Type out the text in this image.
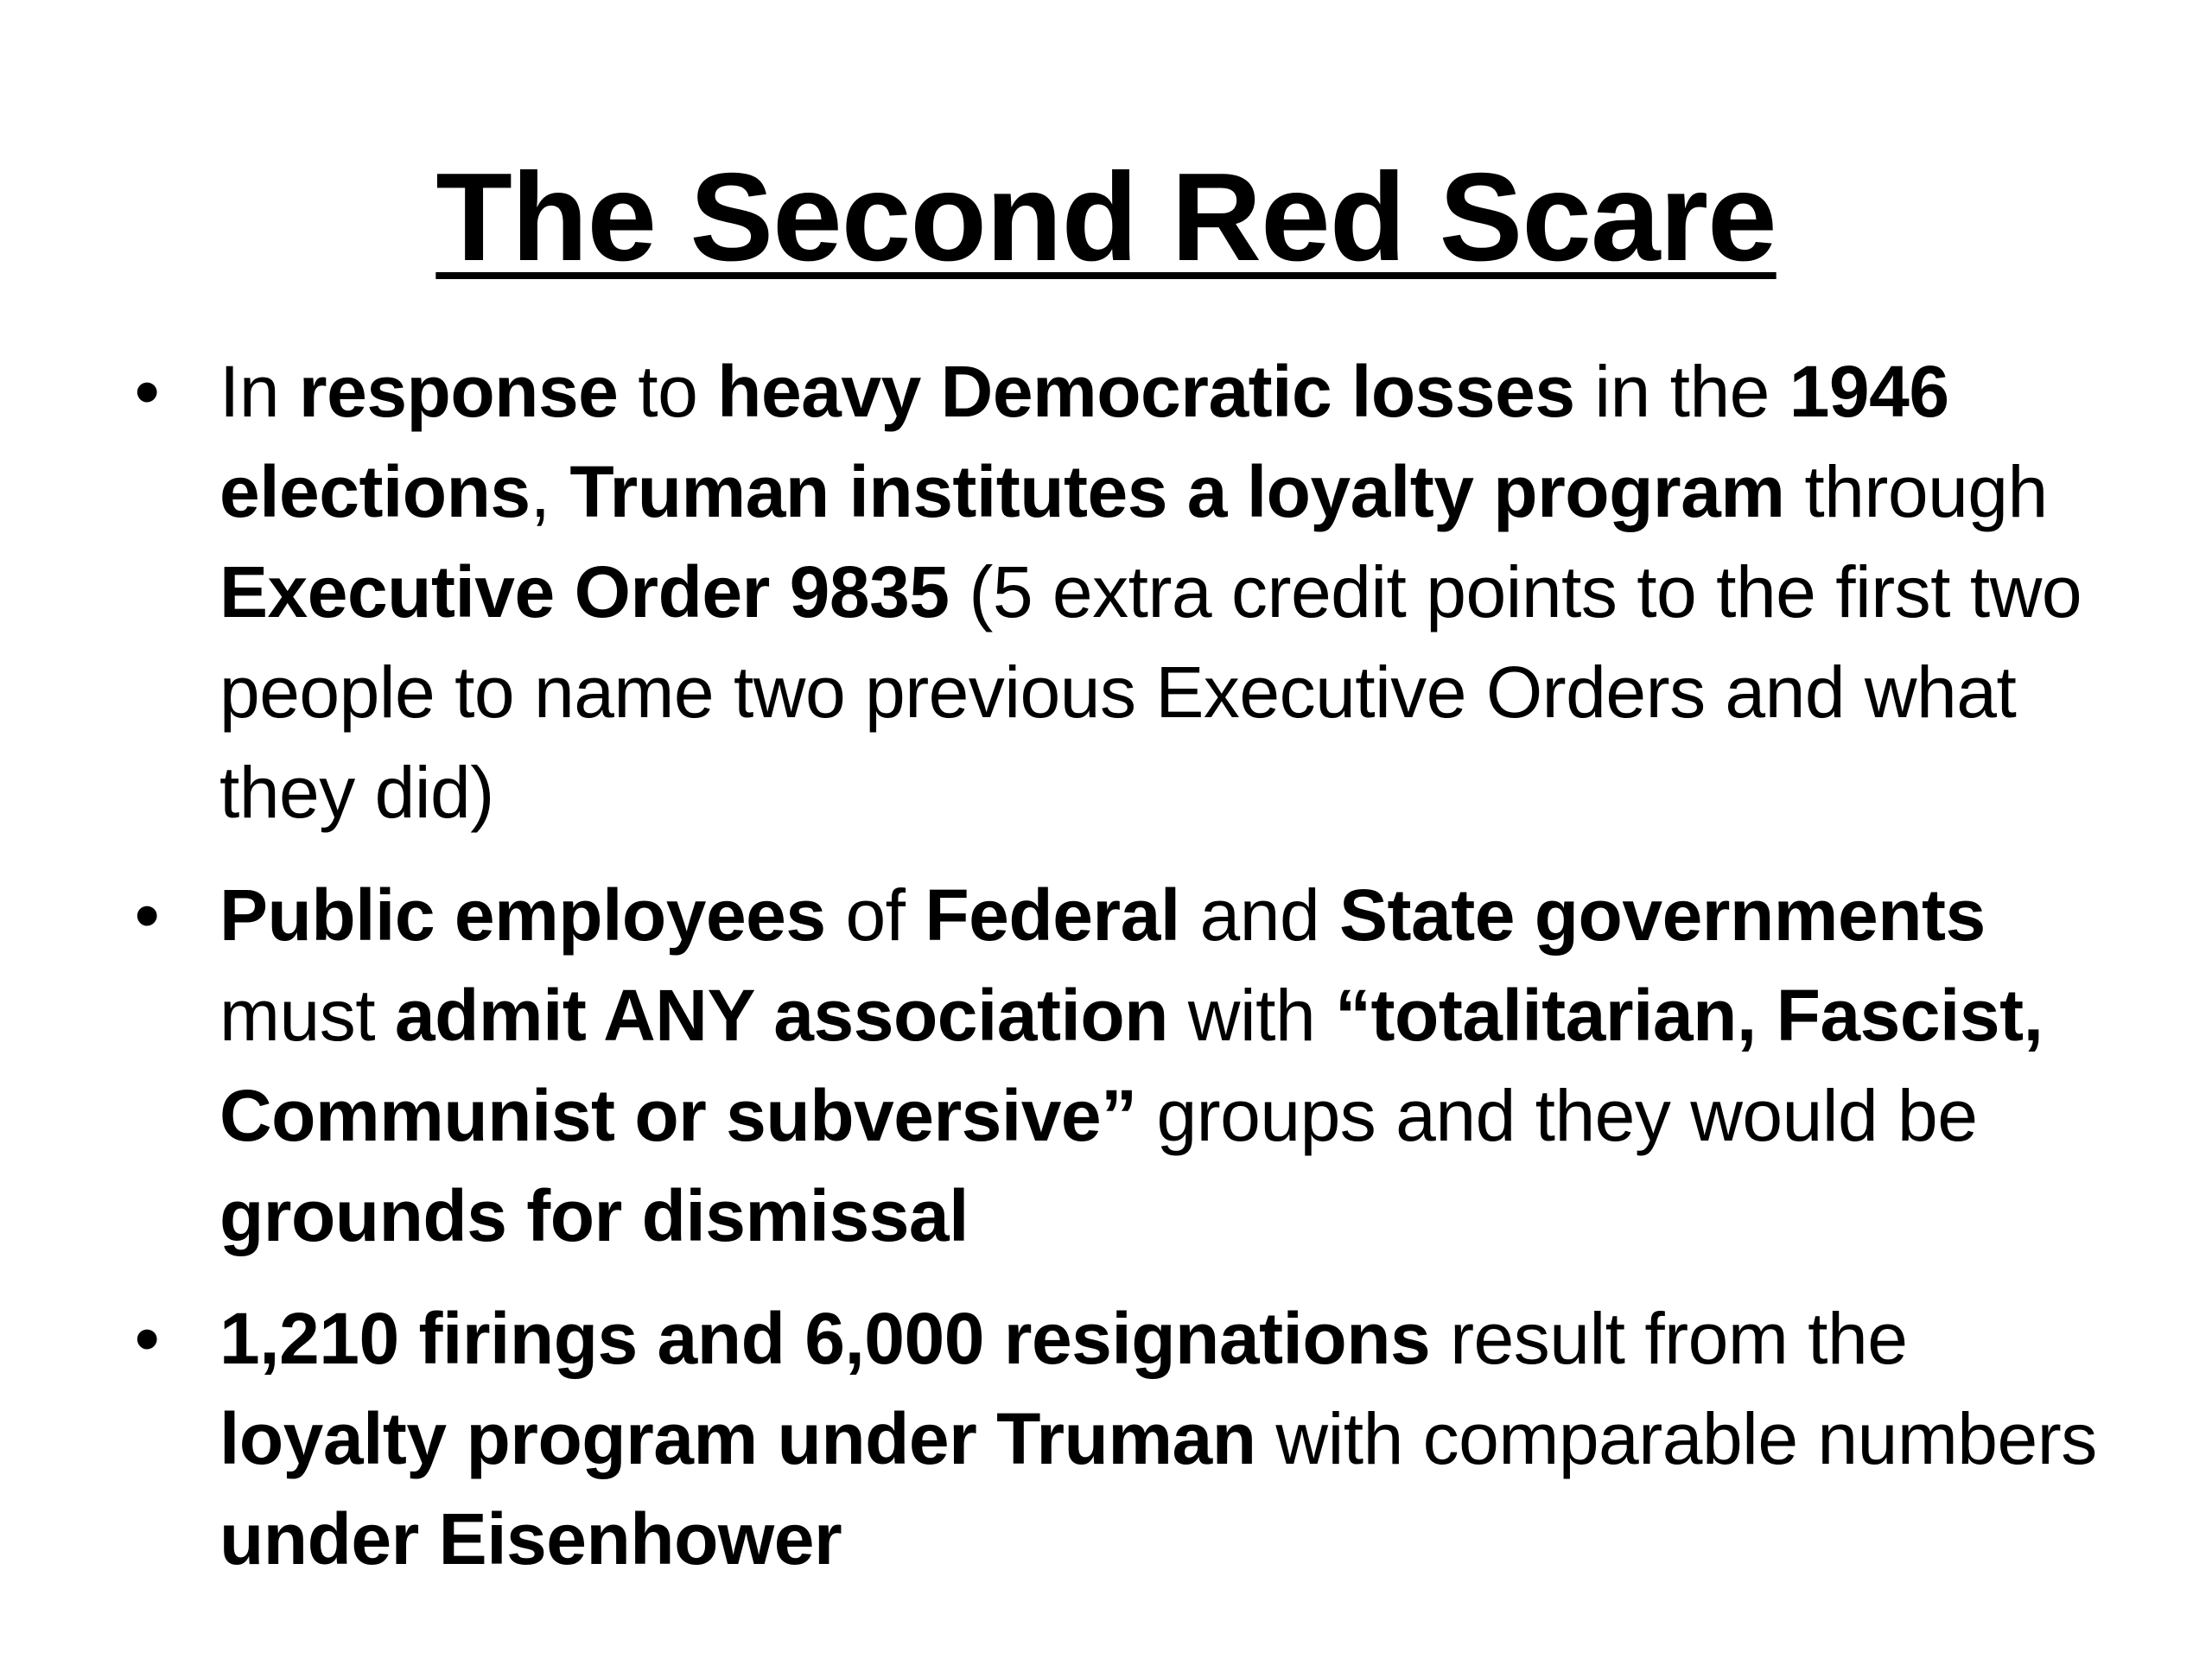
The Second Red Scare
• In response to heavy Democratic losses in the 1946 elections, Truman institutes a loyalty program through Executive Order 9835 (5 extra credit points to the first two people to name two previous Executive Orders and what they did)
• Public employees of Federal and State governments must admit ANY association with “totalitarian, Fascist, Communist or subversive” groups and they would be grounds for dismissal
• 1,210 firings and 6,000 resignations result from the loyalty program under Truman with comparable numbers under Eisenhower
